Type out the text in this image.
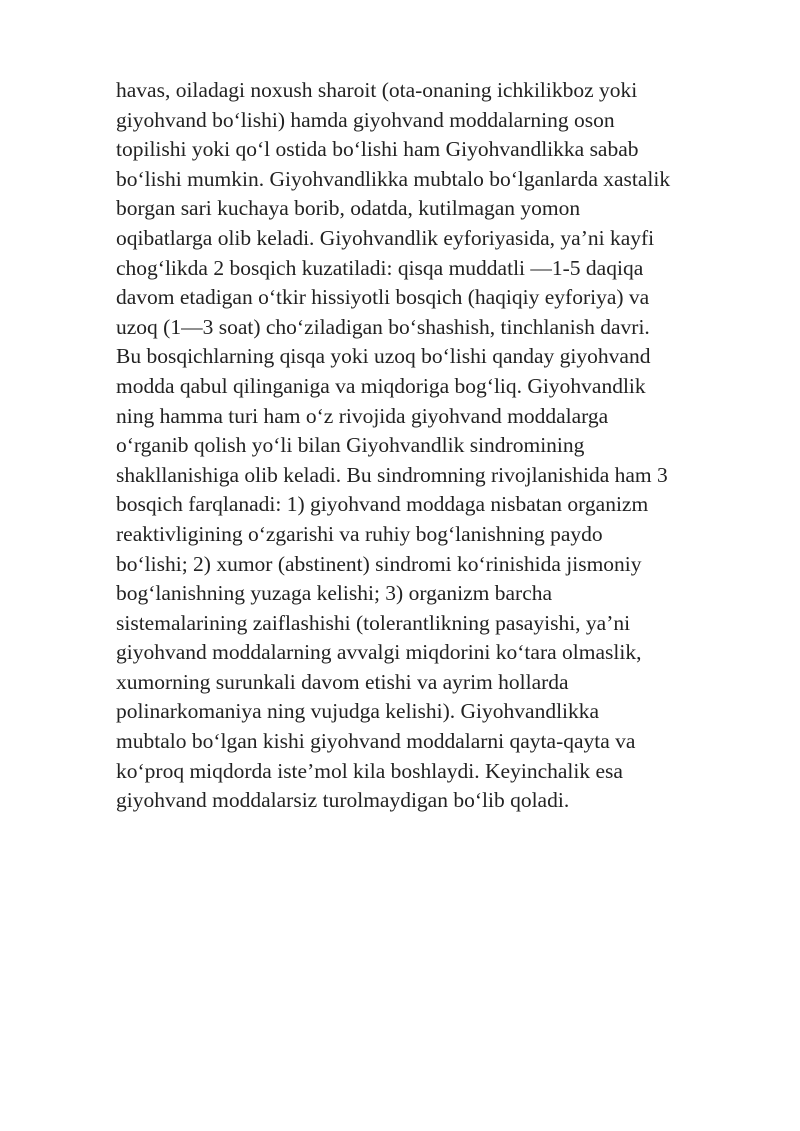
havas, oiladagi noxush sharoit (ota-onaning ichkilikboz yoki
giyohvand bo‘lishi) hamda giyohvand moddalarning oson
topilishi yoki qo‘l ostida bo‘lishi ham Giyohvandlikka sabab
bo‘lishi mumkin. Giyohvandlikka mubtalo bo‘lganlarda xastalik
borgan sari kuchaya borib, odatda, kutilmagan yomon
oqibatlarga olib keladi. Giyohvandlik eyforiyasida, ya’ni kayfi
chog‘likda 2 bosqich kuzatiladi: qisqa muddatli —1-5 daqiqa
davom etadigan o‘tkir hissiyotli bosqich (haqiqiy eyforiya) va
uzoq (1—3 soat) cho‘ziladigan bo‘shashish, tinchlanish davri.
Bu bosqichlarning qisqa yoki uzoq bo‘lishi qanday giyohvand
modda qabul qilinganiga va miqdoriga bog‘liq. Giyohvandlik
ning hamma turi ham o‘z rivojida giyohvand moddalarga
o‘rganib qolish yo‘li bilan Giyohvandlik sindromining
shakllanishiga olib keladi. Bu sindromning rivojlanishida ham 3
bosqich farqlanadi: 1) giyohvand moddaga nisbatan organizm
reaktivligining o‘zgarishi va ruhiy bog‘lanishning paydo
bo‘lishi; 2) xumor (abstinent) sindromi ko‘rinishida jismoniy
bog‘lanishning yuzaga kelishi; 3) organizm barcha
sistemalarining zaiflashishi (tolerantlikning pasayishi, ya’ni
giyohvand moddalarning avvalgi miqdorini ko‘tara olmaslik,
xumorning surunkali davom etishi va ayrim hollarda
polinarkomaniya ning vujudga kelishi). Giyohvandlikka
mubtalo bo‘lgan kishi giyohvand moddalarni qayta-qayta va
ko‘proq miqdorda iste’mol kila boshlaydi. Keyinchalik esa
giyohvand moddalarsiz turolmaydigan bo‘lib qoladi.
